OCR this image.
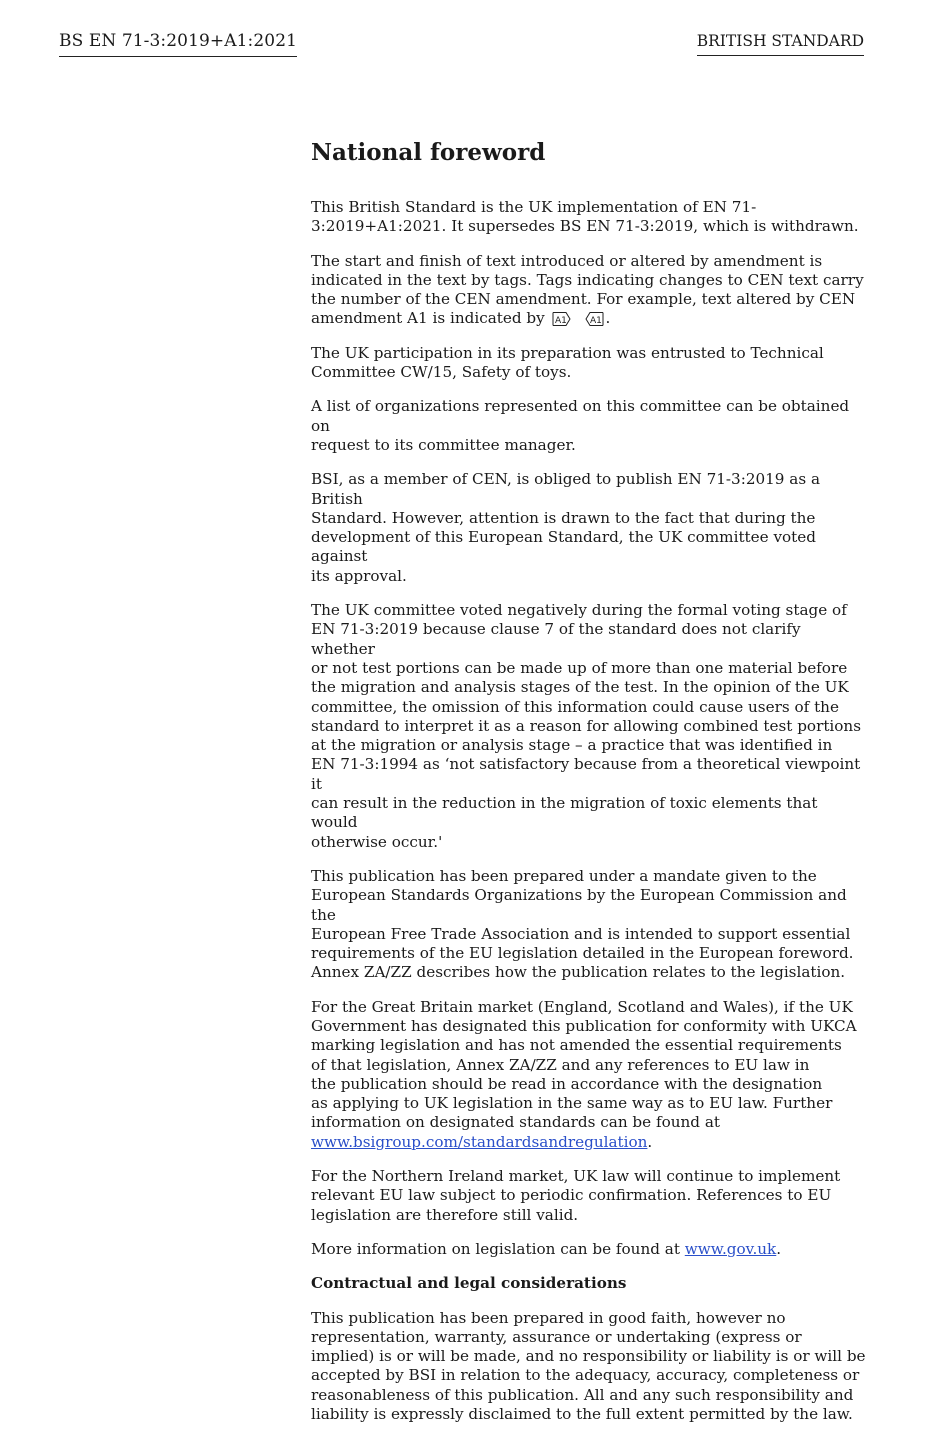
BS EN 71-3:2019+A1:2021	BRITISH STANDARD
National foreword

This British Standard is the UK implementation of EN 71-
3:2019+A1:2021. It supersedes BS EN 71-3:2019, which is withdrawn.

The start and finish of text introduced or altered by amendment is
indicated in the text by tags. Tags indicating changes to CEN text carry
the number of the CEN amendment. For example, text altered by CEN
amendment A1 is indicated by A1	A1 .

The UK participation in its preparation was entrusted to Technical
Committee CW/15, Safety of toys.

A list of organizations represented on this committee can be obtained on
request to its committee manager.

BSI, as a member of CEN, is obliged to publish EN 71-3:2019 as a British
Standard. However, attention is drawn to the fact that during the
development of this European Standard, the UK committee voted against
its approval.

The UK committee voted negatively during the formal voting stage of
EN 71-3:2019 because clause 7 of the standard does not clarify whether
or not test portions can be made up of more than one material before
the migration and analysis stages of the test. In the opinion of the UK
committee, the omission of this information could cause users of the
standard to interpret it as a reason for allowing combined test portions
at the migration or analysis stage – a practice that was identified in
EN 71-3:1994 as ‘not satisfactory because from a theoretical viewpoint it
can result in the reduction in the migration of toxic elements that would
otherwise occur.'

This publication has been prepared under a mandate given to the
European Standards Organizations by the European Commission and the
European Free Trade Association and is intended to support essential
requirements of the EU legislation detailed in the European foreword.
Annex ZA/ZZ describes how the publication relates to the legislation.

For the Great Britain market (England, Scotland and Wales), if the UK
Government has designated this publication for conformity with UKCA
marking legislation and has not amended the essential requirements
of that legislation, Annex ZA/ZZ and any references to EU law in
the publication should be read in accordance with the designation
as applying to UK legislation in the same way as to EU law. Further
information on designated standards can be found at
www.bsigroup.com/standardsandregulation.

For the Northern Ireland market, UK law will continue to implement
relevant EU law subject to periodic confirmation. References to EU
legislation are therefore still valid.

More information on legislation can be found at www.gov.uk.

Contractual and legal considerations

This publication has been prepared in good faith, however no
representation, warranty, assurance or undertaking (express or
implied) is or will be made, and no responsibility or liability is or will be
accepted by BSI in relation to the adequacy, accuracy, completeness or
reasonableness of this publication. All and any such responsibility and
liability is expressly disclaimed to the full extent permitted by the law.
